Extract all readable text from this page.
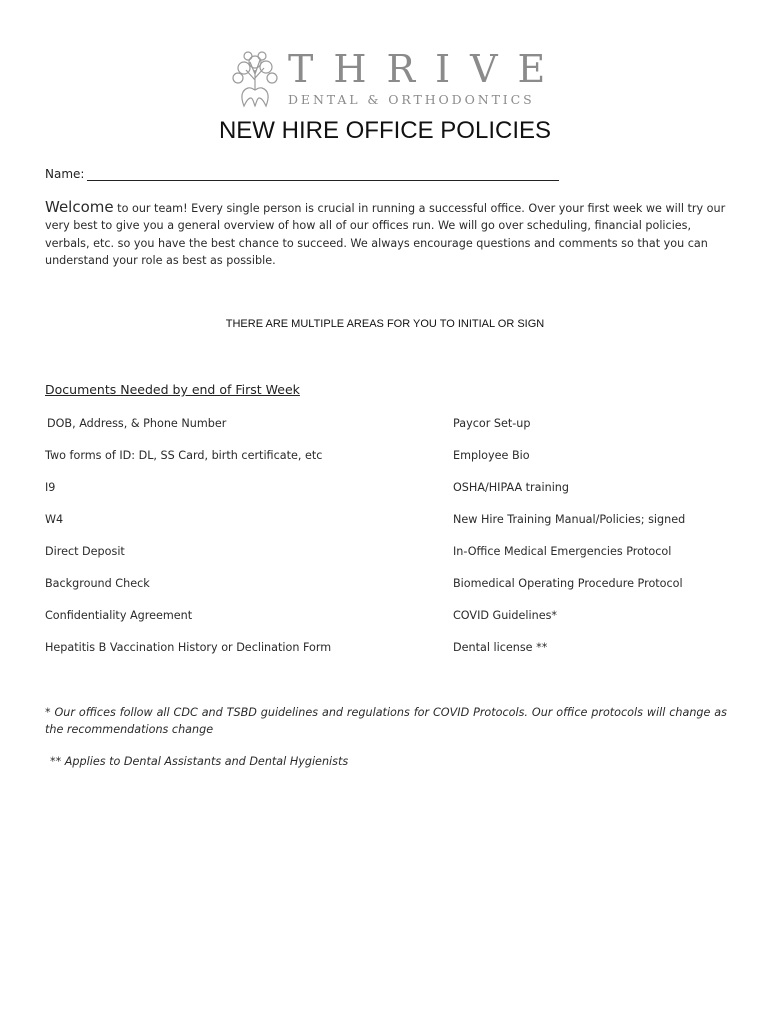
THRIVE
DENTAL & ORTHODONTICS
NEW HIRE OFFICE POLICIES
Name:
Welcome to our team! Every single person is crucial in running a successful office. Over your first week we will try our very best to give you a general overview of how all of our offices run. We will go over scheduling, financial policies, verbals, etc. so you have the best chance to succeed. We always encourage questions and comments so that you can understand your role as best as possible.
THERE ARE MULTIPLE AREAS FOR YOU TO INITIAL OR SIGN
Documents Needed by end of First Week
DOB, Address, & Phone Number
Two forms of ID: DL, SS Card, birth certificate, etc
I9
W4
Direct Deposit
Background Check
Confidentiality Agreement
Hepatitis B Vaccination History or Declination Form
Paycor Set-up
Employee Bio
OSHA/HIPAA training
New Hire Training Manual/Policies; signed
In-Office Medical Emergencies Protocol
Biomedical Operating Procedure Protocol
COVID Guidelines*
Dental license **
* Our offices follow all CDC and TSBD guidelines and regulations for COVID Protocols. Our office protocols will change as the recommendations change
** Applies to Dental Assistants and Dental Hygienists
